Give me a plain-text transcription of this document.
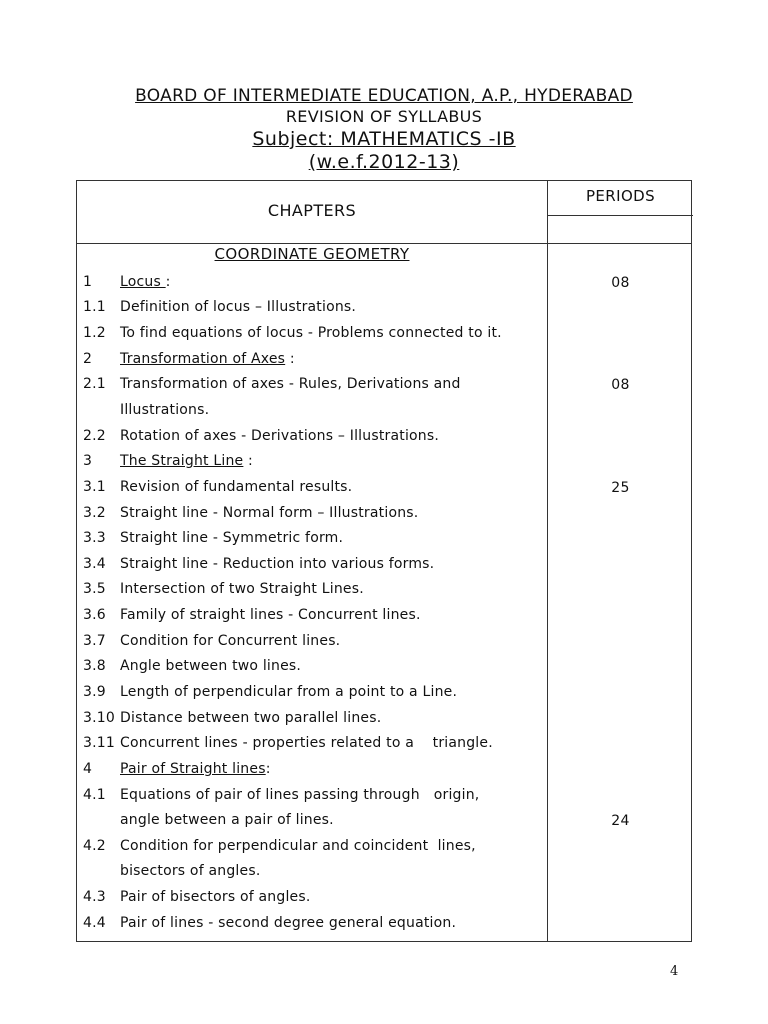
BOARD OF INTERMEDIATE EDUCATION, A.P., HYDERABAD
REVISION OF SYLLABUS
Subject: MATHEMATICS -IB
(w.e.f.2012-13)
CHAPTERS
PERIODS
COORDINATE GEOMETRY
1 Locus :
1.1 Definition of locus – Illustrations.
1.2 To find equations of locus - Problems connected to it.
2 Transformation of Axes :
2.1 Transformation of axes - Rules, Derivations and
Illustrations.
2.2 Rotation of axes - Derivations – Illustrations.
3 The Straight Line :
3.1 Revision of fundamental results.
3.2 Straight line - Normal form – Illustrations.
3.3 Straight line - Symmetric form.
3.4 Straight line - Reduction into various forms.
3.5 Intersection of two Straight Lines.
3.6 Family of straight lines - Concurrent lines.
3.7 Condition for Concurrent lines.
3.8 Angle between two lines.
3.9 Length of perpendicular from a point to a Line.
3.10 Distance between two parallel lines.
3.11 Concurrent lines - properties related to a    triangle.
4 Pair of Straight lines:
4.1 Equations of pair of lines passing through   origin,
angle between a pair of lines.
4.2 Condition for perpendicular and coincident  lines,
bisectors of angles.
4.3 Pair of bisectors of angles.
4.4 Pair of lines - second degree general equation.
08
08
25
24
4
